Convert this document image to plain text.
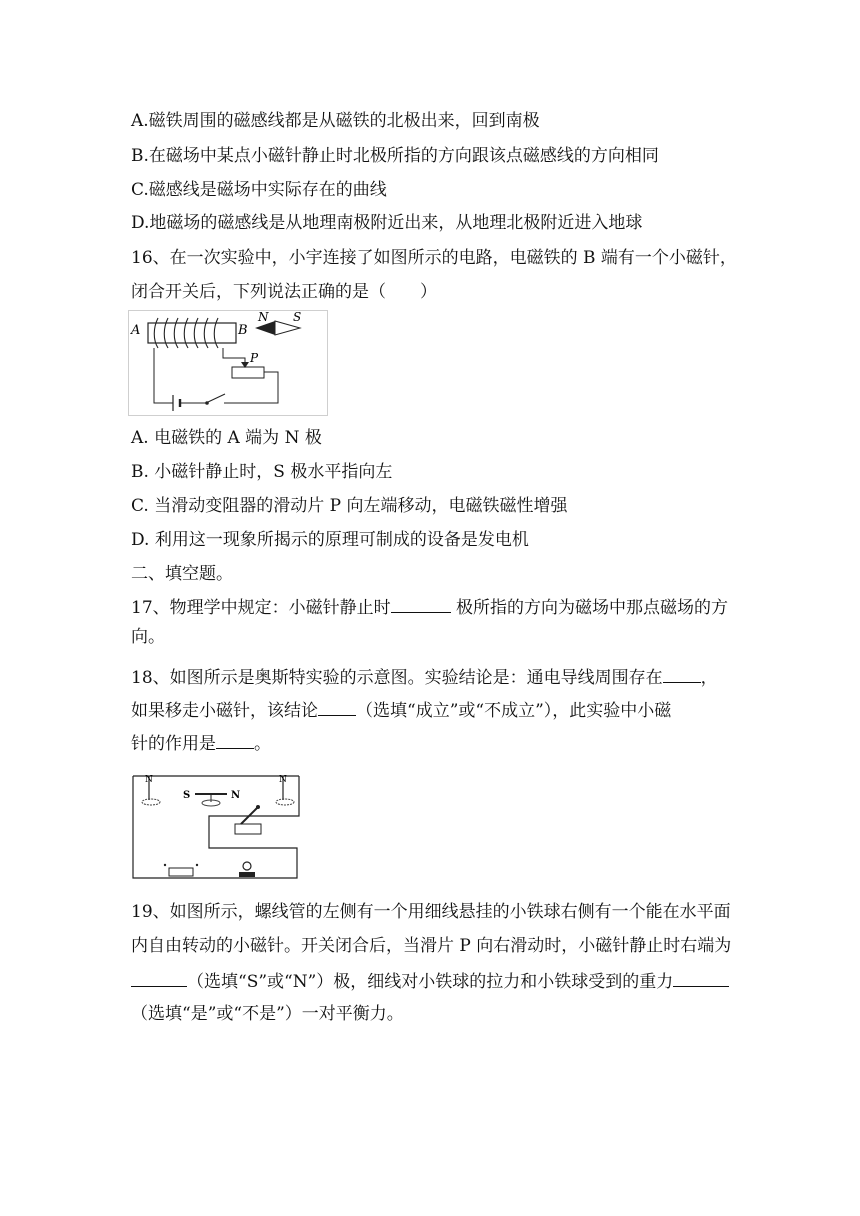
A.磁铁周围的磁感线都是从磁铁的北极出来，回到南极

B.在磁场中某点小磁针静止时北极所指的方向跟该点磁感线的方向相同

C.磁感线是磁场中实际存在的曲线

D.地磁场的磁感线是从地理南极附近出来，从地理北极附近进入地球

16、在一次实验中，小宇连接了如图所示的电路，电磁铁的 B 端有一个小磁针，

闭合开关后，下列说法正确的是（　　）

A	B
N S
P

A. 电磁铁的 A 端为 N 极

B. 小磁针静止时，S 极水平指向左

C. 当滑动变阻器的滑动片 P 向左端移动，电磁铁磁性增强

D. 利用这一现象所揭示的原理可制成的设备是发电机

二、填空题。

17、物理学中规定：小磁针静止时	极所指的方向为磁场中那点磁场的方

向。

18、如图所示是奥斯特实验的示意图。实验结论是：通电导线周围存在 ，

如果移走小磁针，该结论 （选填“成立”或“不成立”），此实验中小磁

针的作用是 。

N	N
S	N

19、如图所示，螺线管的左侧有一个用细线悬挂的小铁球右侧有一个能在水平面

内自由转动的小磁针。开关闭合后，当滑片 P 向右滑动时，小磁针静止时右端为

（选填“S”或“N”）极，细线对小铁球的拉力和小铁球受到的重力

（选填“是”或“不是”）一对平衡力。
